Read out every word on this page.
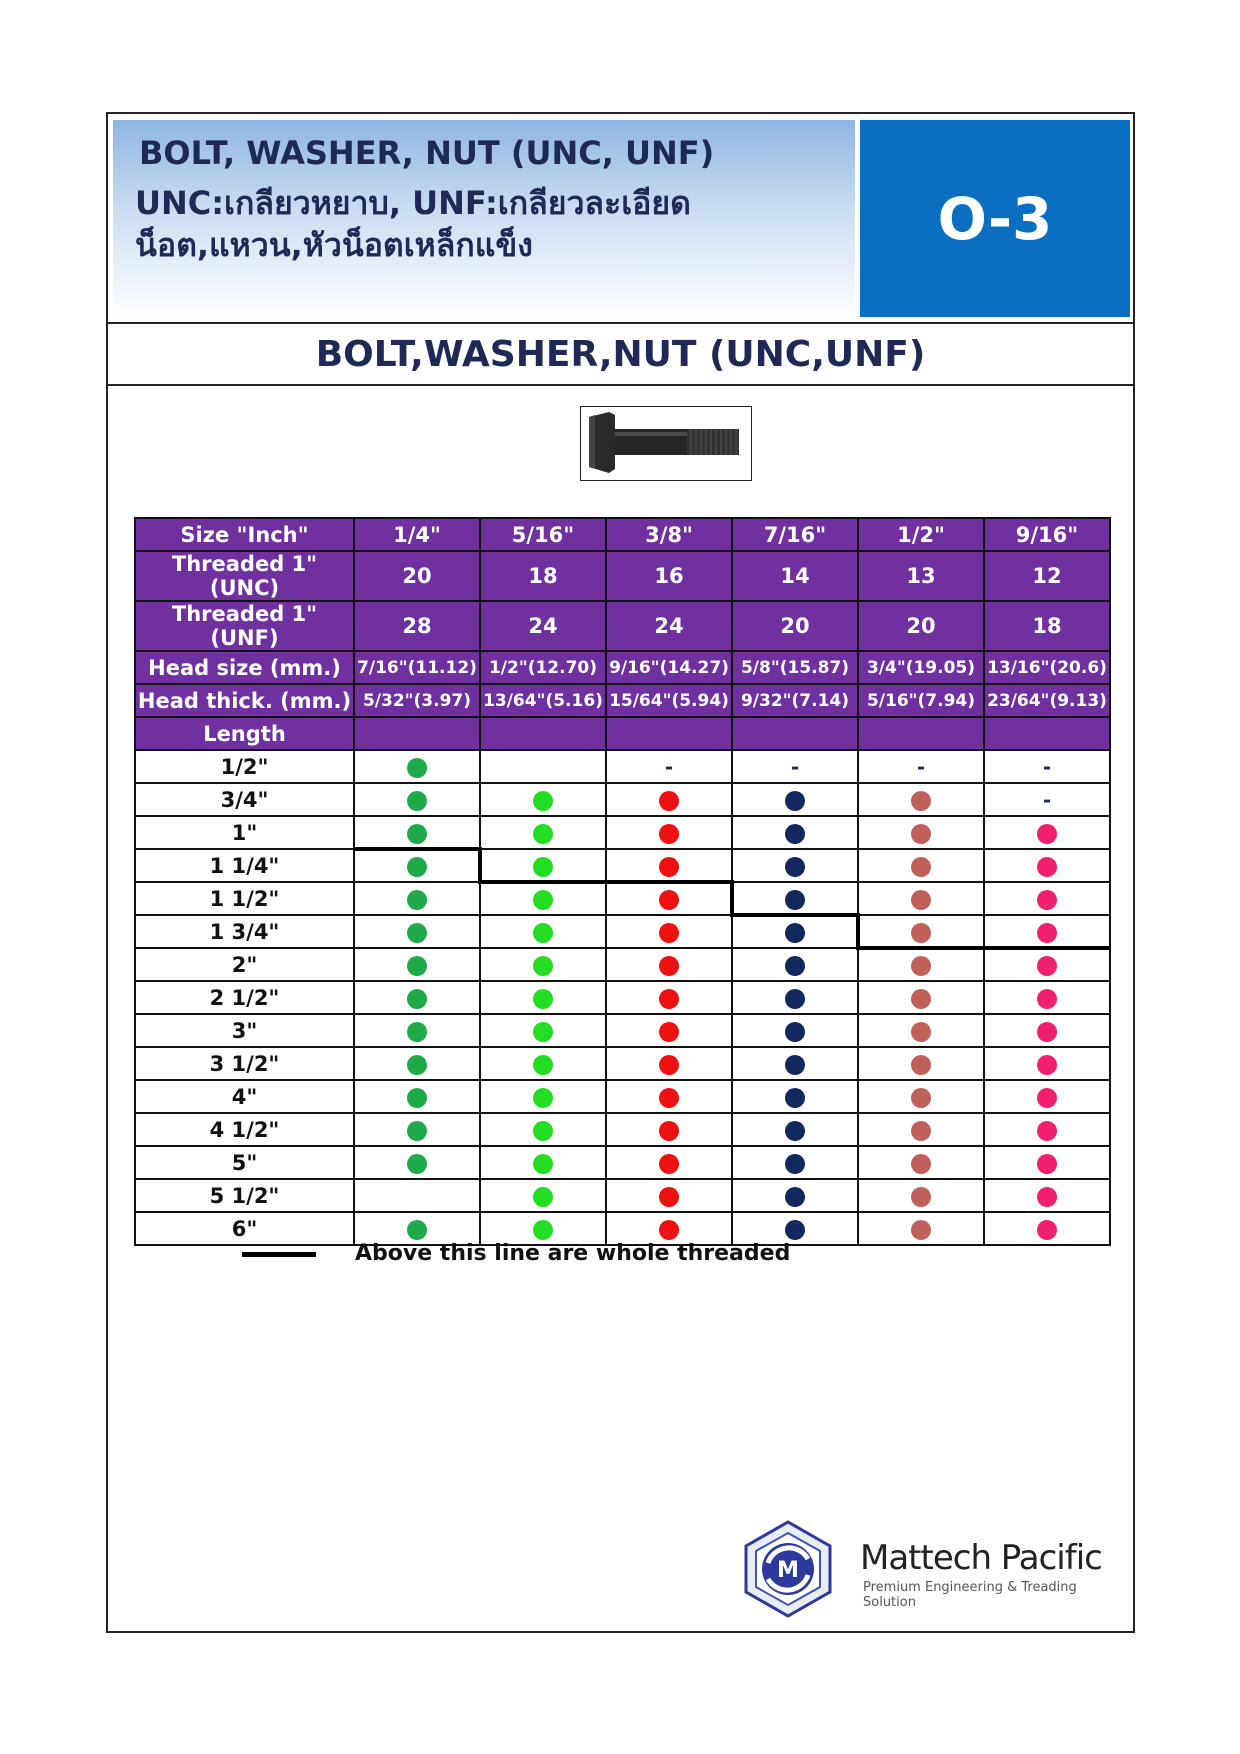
BOLT, WASHER, NUT (UNC, UNF)
UNC:เกลียวหยาบ, UNF:เกลียวละเอียด
น็อต,แหวน,หัวน็อตเหล็กแข็ง	O-3
BOLT,WASHER,NUT (UNC,UNF)
Size "Inch"	1/4"	5/16"	3/8"	7/16"	1/2"	9/16"
Threaded 1" (UNC)	20	18	16	14	13	12
Threaded 1" (UNF)	28	24	24	20	20	18
Head size (mm.)	7/16"(11.12)	1/2"(12.70)	9/16"(14.27)	5/8"(15.87)	3/4"(19.05)	13/16"(20.6)
Head thick. (mm.)	5/32"(3.97)	13/64"(5.16)	15/64"(5.94)	9/32"(7.14)	5/16"(7.94)	23/64"(9.13)
Length						
1/2"			-	-	-	-
3/4"						-
1"						
1 1/4"						
1 1/2"						
1 3/4"						
2"						
2 1/2"						
3"						
3 1/2"						
4"						
4 1/2"						
5"						
5 1/2"						
6"						
Above this line are whole threaded
M Mattech Pacific
Premium Engineering & Treading Solution
